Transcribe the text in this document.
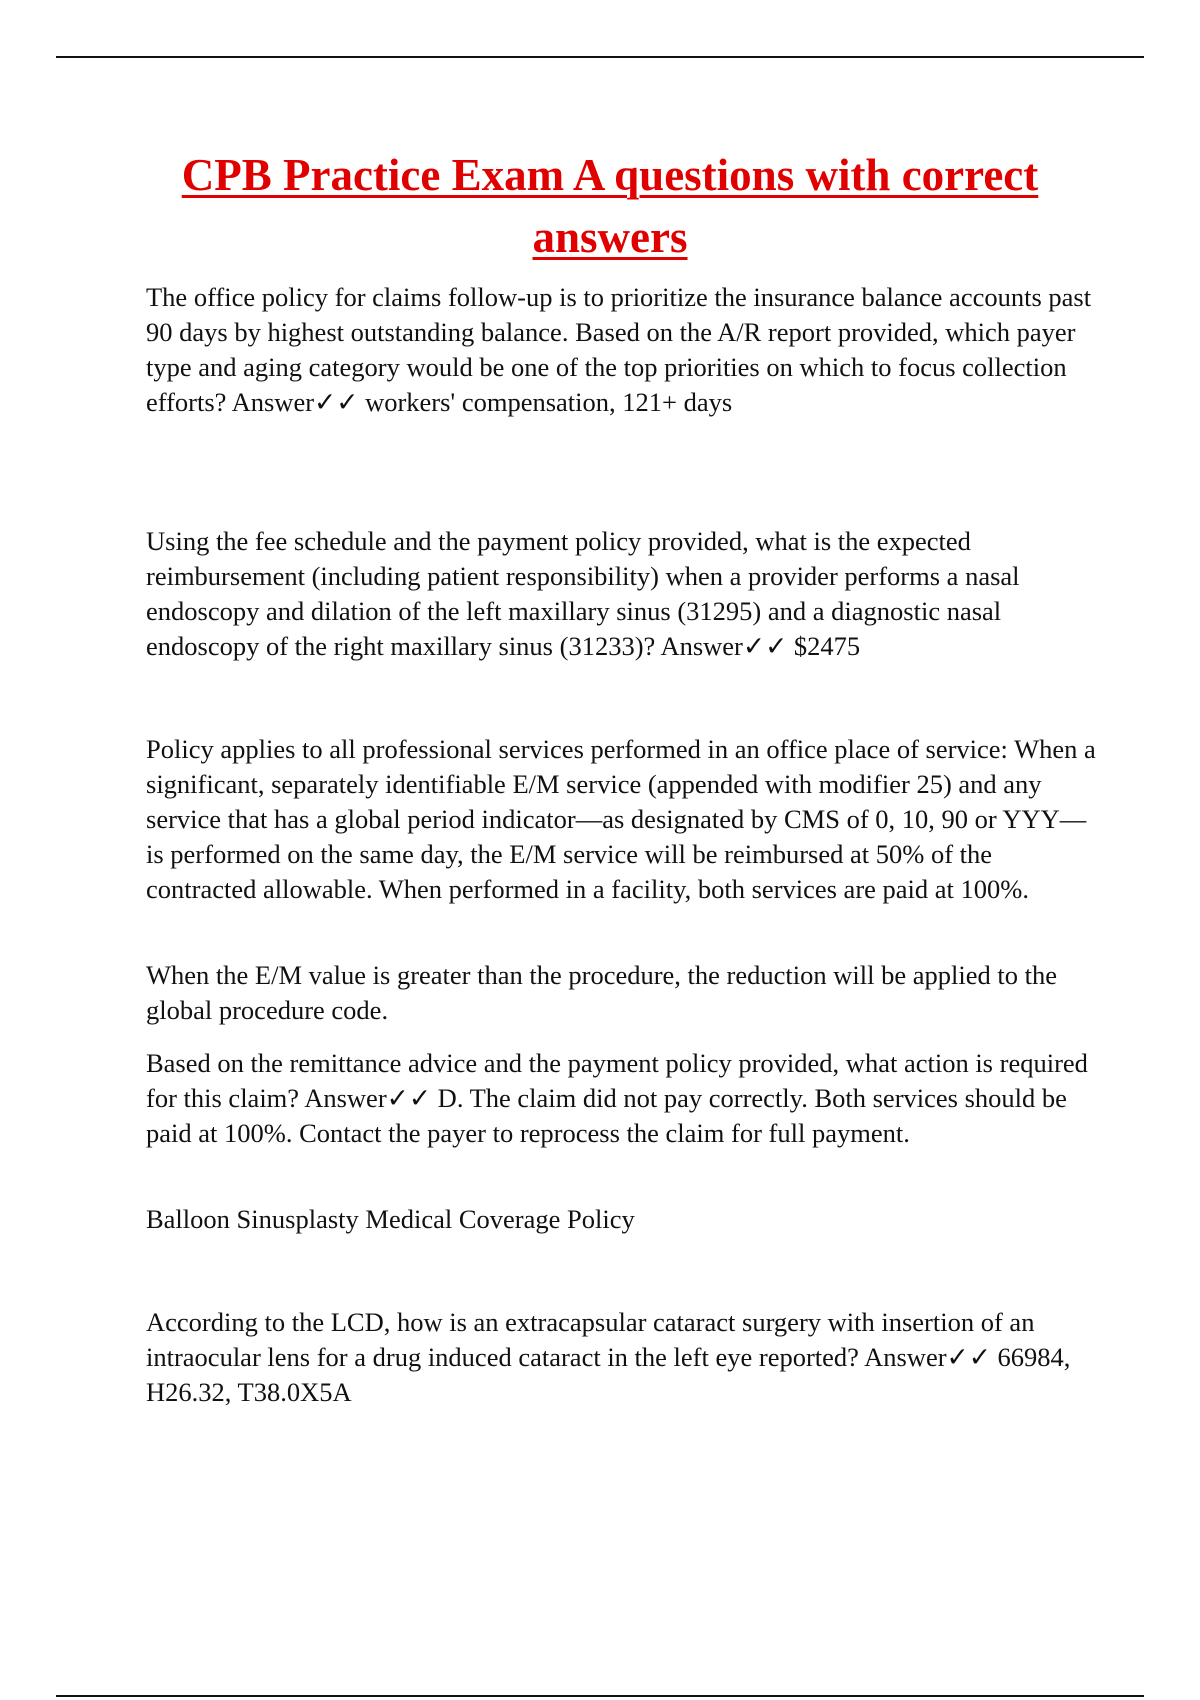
CPB Practice Exam A questions with correct answers

The office policy for claims follow-up is to prioritize the insurance balance accounts past 90 days by highest outstanding balance. Based on the A/R report provided, which payer type and aging category would be one of the top priorities on which to focus collection efforts? Answer✓✓ workers' compensation, 121+ days

Using the fee schedule and the payment policy provided, what is the expected reimbursement (including patient responsibility) when a provider performs a nasal endoscopy and dilation of the left maxillary sinus (31295) and a diagnostic nasal endoscopy of the right maxillary sinus (31233)? Answer✓✓ $2475

Policy applies to all professional services performed in an office place of service: When a significant, separately identifiable E/M service (appended with modifier 25) and any service that has a global period indicator—as designated by CMS of 0, 10, 90 or YYY—is performed on the same day, the E/M service will be reimbursed at 50% of the contracted allowable. When performed in a facility, both services are paid at 100%.

When the E/M value is greater than the procedure, the reduction will be applied to the global procedure code.

Based on the remittance advice and the payment policy provided, what action is required for this claim? Answer✓✓ D. The claim did not pay correctly. Both services should be paid at 100%. Contact the payer to reprocess the claim for full payment.

Balloon Sinusplasty Medical Coverage Policy

According to the LCD, how is an extracapsular cataract surgery with insertion of an intraocular lens for a drug induced cataract in the left eye reported? Answer✓✓ 66984, H26.32, T38.0X5A
